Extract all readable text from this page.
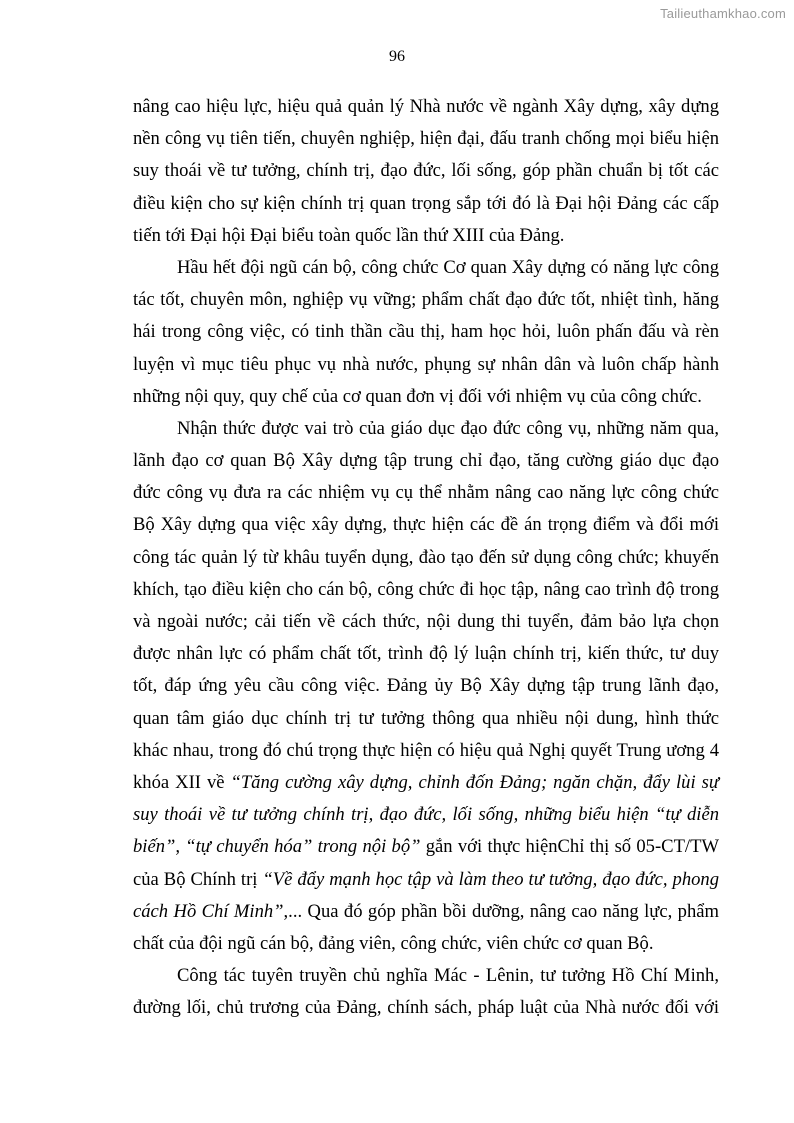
Tailieuthamkhao.com
96

nâng cao hiệu lực, hiệu quả quản lý Nhà nước về ngành Xây dựng, xây dựng
nền công vụ tiên tiến, chuyên nghiệp, hiện đại, đấu tranh chống mọi biểu hiện
suy thoái về tư tưởng, chính trị, đạo đức, lối sống, góp phần chuẩn bị tốt các
điều kiện cho sự kiện chính trị quan trọng sắp tới đó là Đại hội Đảng các cấp
tiến tới Đại hội Đại biểu toàn quốc lần thứ XIII của Đảng.

Hầu hết đội ngũ cán bộ, công chức Cơ quan Xây dựng có năng lực công
tác tốt, chuyên môn, nghiệp vụ vững; phẩm chất đạo đức tốt, nhiệt tình, hăng
hái trong công việc, có tinh thần cầu thị, ham học hỏi, luôn phấn đấu và rèn
luyện vì mục tiêu phục vụ nhà nước, phụng sự nhân dân và luôn chấp hành
những nội quy, quy chế của cơ quan đơn vị đối với nhiệm vụ của công chức.

Nhận thức được vai trò của giáo dục đạo đức công vụ, những năm qua,
lãnh đạo cơ quan Bộ Xây dựng tập trung chỉ đạo, tăng cường giáo dục đạo
đức công vụ đưa ra các nhiệm vụ cụ thể nhằm nâng cao năng lực công chức
Bộ Xây dựng qua việc xây dựng, thực hiện các đề án trọng điểm và đổi mới
công tác quản lý từ khâu tuyển dụng, đào tạo đến sử dụng công chức; khuyến
khích, tạo điều kiện cho cán bộ, công chức đi học tập, nâng cao trình độ trong
và ngoài nước; cải tiến về cách thức, nội dung thi tuyển, đảm bảo lựa chọn
được nhân lực có phẩm chất tốt, trình độ lý luận chính trị, kiến thức, tư duy
tốt, đáp ứng yêu cầu công việc. Đảng ủy Bộ Xây dựng tập trung lãnh đạo,
quan tâm giáo dục chính trị tư tưởng thông qua nhiều nội dung, hình thức
khác nhau, trong đó chú trọng thực hiện có hiệu quả Nghị quyết Trung ương 4
khóa XII về “Tăng cường xây dựng, chỉnh đốn Đảng; ngăn chặn, đẩy lùi sự
suy thoái về tư tưởng chính trị, đạo đức, lối sống, những biểu hiện “tự diễn
biến”, “tự chuyển hóa” trong nội bộ” gắn với thực hiệnChỉ thị số 05-CT/TW
của Bộ Chính trị “Về đẩy mạnh học tập và làm theo tư tưởng, đạo đức, phong
cách Hồ Chí Minh”,... Qua đó góp phần bồi dưỡng, nâng cao năng lực, phẩm
chất của đội ngũ cán bộ, đảng viên, công chức, viên chức cơ quan Bộ.

Công tác tuyên truyền chủ nghĩa Mác - Lênin, tư tưởng Hồ Chí Minh,
đường lối, chủ trương của Đảng, chính sách, pháp luật của Nhà nước đối với
